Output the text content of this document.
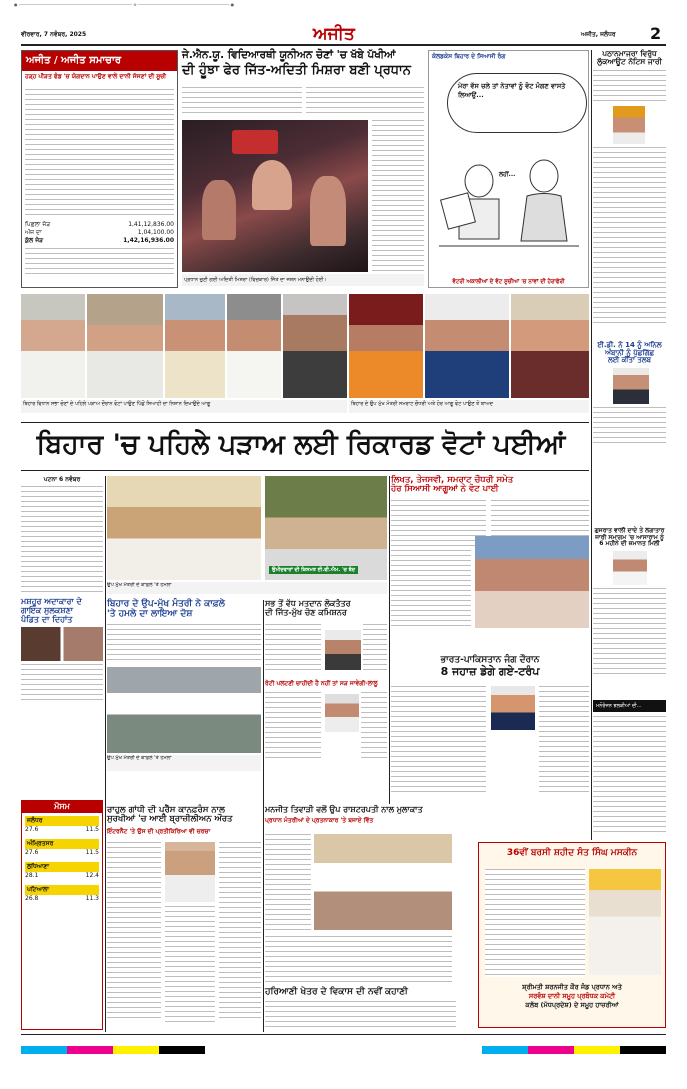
● ─────────────────────────────────────────────── ⊕ ────────────────────────────────────── ●
ਵੀਰਵਾਰ, 7 ਨਵੰਬਰ, 2025	ਅਜੀਤ	ਅਜੀਤ, ਜਲੰਧਰ 2
ਅਜੀਤ / ਅਜੀਤ ਸਮਾਚਾਰ
ਹੜ੍ਹ ਪੀੜਤ ਫੰਡ 'ਚ ਯੋਗਦਾਨ ਪਾਉਣ ਵਾਲੇ ਦਾਨੀ ਸੱਜਣਾਂ ਦੀ ਸੂਚੀ
ਪਿਛਲਾ ਜੋੜ	1,41,12,836.00
ਅੱਜ ਦਾ	1,04,100.00
ਕੁੱਲ ਜੋੜ	1,42,16,936.00
ਜੇ.ਐਨ.ਯੂ. ਵਿਦਿਆਰਥੀ ਯੂਨੀਅਨ ਚੋਣਾਂ 'ਚ ਖੱਬੇ ਪੱਖੀਆਂ
ਦੀ ਹੂੰਝਾ ਫੇਰ ਜਿੱਤ-ਅਦਿਤੀ ਮਿਸ਼ਰਾ ਬਣੀ ਪ੍ਰਧਾਨ
ਪ੍ਰਧਾਨ ਚੁਣੀ ਗਈ ਅਦਿਤੀ ਮਿਸ਼ਰਾ (ਵਿਚਕਾਰ) ਜਿੱਤ ਦਾ ਜਸ਼ਨ ਮਨਾਉਂਦੀ ਹੋਈ।
ਕੋਲਡਕੇਸ ਬਿਹਾਰ ਦੇ ਸਿਆਸੀ ਰੰਗ
ਮੇਰਾ ਵੱਸ ਚਲੇ ਤਾਂ ਨੇਤਾਵਾਂ ਨੂੰ ਵੋਟ ਮੰਗਣ ਵਾਸਤੇ ਲਿਆਉਂ...
ਲਹੀਂ...
ਵੋਟਰੀ ਅਕਾਲੀਆਂ ਦੇ ਵੋਟ ਸੂਚੀਆਂ 'ਚ ਨਾਵਾਂ ਦੀ ਹੇਰਾਫੇਰੀ
ਪਠਾਨਮਾਜਰਾ ਵਿਰੁੱਧ
ਲੁੱਕਆਊਟ ਨੋਟਿਸ ਜਾਰੀ
ਬਿਹਾਰ ਵਿਧਾਨ ਸਭਾ ਚੋਣਾਂ ਦੇ ਪਹਿਲੇ ਪੜਾਅ ਦੌਰਾਨ ਵੋਟਾਂ ਪਾਉਣ ਪਿੱਛੋਂ ਸਿਆਹੀ ਦਾ ਨਿਸ਼ਾਨ ਦਿਖਾਉਂਦੇ ਆਗੂ	ਬਿਹਾਰ ਦੇ ਉਪ ਮੁੱਖ ਮੰਤਰੀ ਸਮਰਾਟ ਚੌਧਰੀ ਅਤੇ ਹੋਰ ਆਗੂ ਵੋਟ ਪਾਉਣ ਤੋਂ ਬਾਅਦ
ਈ.ਡੀ. ਨੇ 14 ਨੂੰ ਅਨਿਲ
ਅੰਬਾਨੀ ਨੂੰ ਪੁੱਛਗਿੱਛ
ਲਈ ਕੀਤਾ ਤਲਬ
ਬਿਹਾਰ 'ਚ ਪਹਿਲੇ ਪੜਾਅ ਲਈ ਰਿਕਾਰਡ ਵੋਟਾਂ ਪਈਆਂ
ਪਟਨਾ 6 ਨਵੰਬਰ
ਮਸ਼ਹੂਰ ਅਦਾਕਾਰਾ ਦੇ
ਗਾਇਕ ਸੁਲਕਸ਼ਣਾ
ਪੰਡਿਤ ਦਾ ਦਿਹਾਂਤ
ਉਮੀਦਵਾਰਾਂ ਦੀ ਕਿਸਮਤ ਈ.ਵੀ.ਐਮ. 'ਚ ਬੰਦ
ਉਪ ਮੁੱਖ ਮੰਤਰੀ ਦੇ ਕਾਫ਼ਲੇ 'ਤੇ ਹਮਲਾ
ਲਿਖਤ, ਤੇਜਸਵੀ, ਸਮਰਾਟ ਚੌਧਰੀ ਸਮੇਤ
ਹੋਰ ਸਿਆਸੀ ਆਗੂਆਂ ਨੇ ਵੋਟ ਪਾਈ
ਗੁਜਰਾਤ ਵਾਲੀ ਦਾਦੇ ਤੇ ਲਗਾਤਾਰ
ਜਾਰੀ ਸਮਾਗਮ 'ਚ ਆਸਾਰਾਮ ਨੂੰ
6 ਮਹੀਨੇ ਦੀ ਜ਼ਮਾਨਤ ਮਿਲੀ
ਬਿਹਾਰ ਦੇ ਉਪ-ਮੁੱਖ ਮੰਤਰੀ ਨੇ ਕਾਫ਼ਲੇ
'ਤੇ ਹਮਲੇ ਦਾ ਲਾਇਆ ਦੋਸ਼
ਉਪ ਮੁੱਖ ਮੰਤਰੀ ਦੇ ਕਾਫ਼ਲੇ 'ਤੇ ਹਮਲਾ
ਸਭ ਤੋਂ ਵੱਧ ਮਤਦਾਨ ਲੋਕਤੰਤਰ
ਦੀ ਜਿੱਤ-ਮੁੱਖ ਚੋਣ ਕਮਿਸ਼ਨਰ
ਰੋਟੀ ਪਲਟਣੀ ਚਾਹੀਦੀ ਹੈ ਨਹੀਂ ਤਾਂ ਸੜ ਜਾਵੇਗੀ-ਲਾਲੂ
ਭਾਰਤ-ਪਾਕਿਸਤਾਨ ਜੰਗ ਦੌਰਾਨ
8 ਜਹਾਜ਼ ਡੇਗੇ ਗਏ-ਟਰੰਪ
ਮਨੋਰੰਜਨ ਝਲਕੀਆਂ ਦੀ...
ਮੌਸਮ
ਜਲੰਧਰ
27.6	11.5
ਅੰਮ੍ਰਿਤਸਰ
27.6	11.5
ਲੁਧਿਆਣਾ
28.1	12.4
ਪਟਿਆਲਾ
26.8	11.3
ਰਾਹੁਲ ਗਾਂਧੀ ਦੀ ਪ੍ਰੈੱਸ ਕਾਨਫ਼ਰੰਸ ਨਾਲ
ਸੁਰਖੀਆਂ 'ਚ ਆਈ ਬ੍ਰਾਜ਼ੀਲੀਅਨ ਔਰਤ
ਇੰਟਰਨੈੱਟ 'ਤੇ ਉਸ ਦੀ ਪ੍ਰਤੀਕਿਰਿਆ ਵੀ ਚਰਚਾ
ਮਨਜੀਤ ਤਿਵਾੜੀ ਵਲੋਂ ਉਪ ਰਾਸ਼ਟਰਪਤੀ ਨਾਲ ਮੁਲਾਕਾਤ
ਪ੍ਰਧਾਨ ਮੰਤਰੀਆਂ ਦੇ ਪ੍ਰਤਨਾਕਾਰ 'ਤੇ ਬਜਾਏ ਵਿੱਤ
ਹਰਿਆਣੀ ਖੇਤਰ ਦੇ ਵਿਕਾਸ ਦੀ ਨਵੀਂ ਕਹਾਣੀ
36ਵੀਂ ਬਰਸੀ ਸ਼ਹੀਦ ਸੰਤ ਸਿੰਘ ਮਸਕੀਨ
ਸ਼੍ਰੀਮਤੀ ਸ਼ਰਨਜੀਤ ਕੌਰ ਜੰਡ ਪ੍ਰਧਾਨ ਅਤੇ
ਸਰਵੰਸ਼ ਦਾਨੀ ਸਮੂਹ ਪ੍ਰਬੰਧਕ ਕਮੇਟੀ
ਕਲੱਬ (ਮੱਧਪ੍ਰਦੇਸ਼) ਦੇ ਸਮੂਹ ਹਾਜ਼ਰੀਆਂ
